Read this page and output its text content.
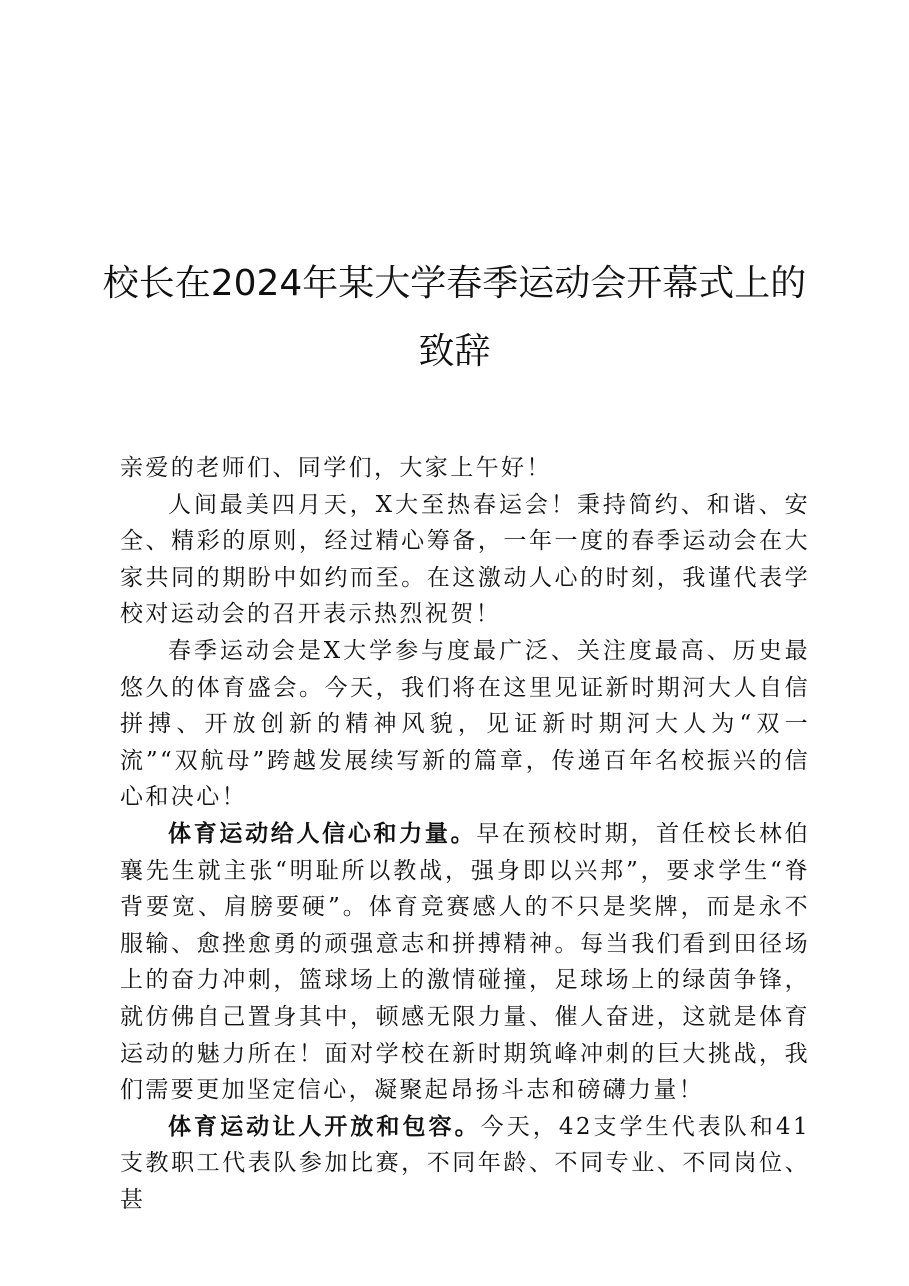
校长在2024年某大学春季运动会开幕式上的
致辞

亲爱的老师们、同学们，大家上午好！

人间最美四月天，X大至热春运会！秉持简约、和谐、安全、精彩的原则，经过精心筹备，一年一度的春季运动会在大家共同的期盼中如约而至。在这激动人心的时刻，我谨代表学校对运动会的召开表示热烈祝贺！

春季运动会是X大学参与度最广泛、关注度最高、历史最悠久的体育盛会。今天，我们将在这里见证新时期河大人自信拼搏、开放创新的精神风貌，见证新时期河大人为“双一流”“双航母”跨越发展续写新的篇章，传递百年名校振兴的信心和决心！

体育运动给人信心和力量。早在预校时期，首任校长林伯襄先生就主张“明耻所以教战，强身即以兴邦”，要求学生“脊背要宽、肩膀要硬”。体育竞赛感人的不只是奖牌，而是永不服输、愈挫愈勇的顽强意志和拼搏精神。每当我们看到田径场上的奋力冲刺，篮球场上的激情碰撞，足球场上的绿茵争锋，就仿佛自己置身其中，顿感无限力量、催人奋进，这就是体育运动的魅力所在！面对学校在新时期筑峰冲刺的巨大挑战，我们需要更加坚定信心，凝聚起昂扬斗志和磅礴力量！

体育运动让人开放和包容。今天，42支学生代表队和41支教职工代表队参加比赛，不同年龄、不同专业、不同岗位、甚
